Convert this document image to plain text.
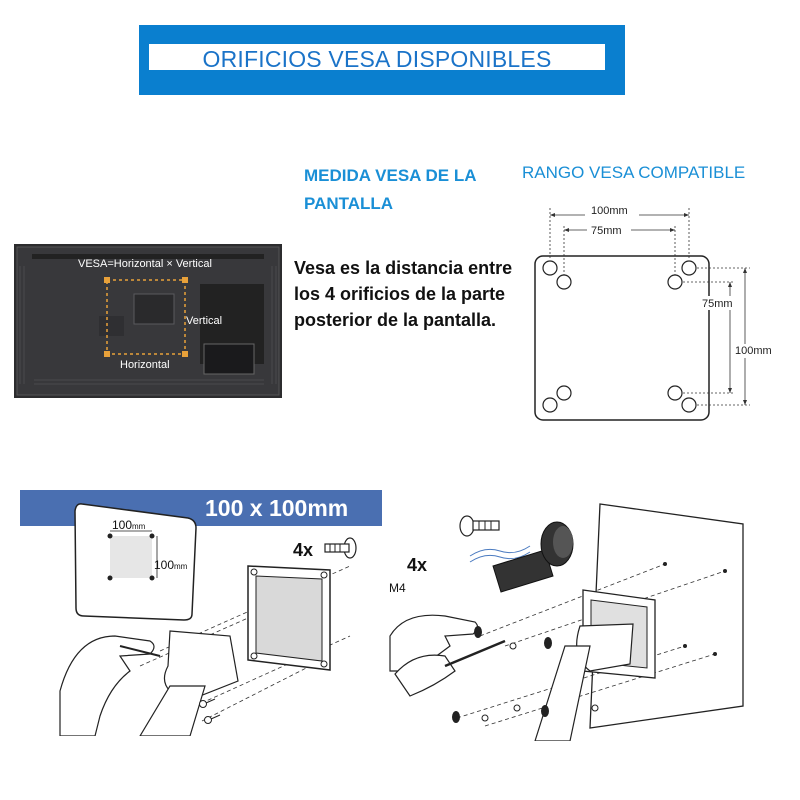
ORIFICIOS VESA DISPONIBLES
MEDIDA VESA DE LA PANTALLA
RANGO VESA COMPATIBLE
Vesa es la distancia entre los 4 orificios de la parte posterior de la pantalla.
VESA=Horizontal × Vertical
Vertical
Horizontal
100mm
75mm
75mm
100mm
100 x 100mm
100 mm
100 mm
4x
4x
M4
